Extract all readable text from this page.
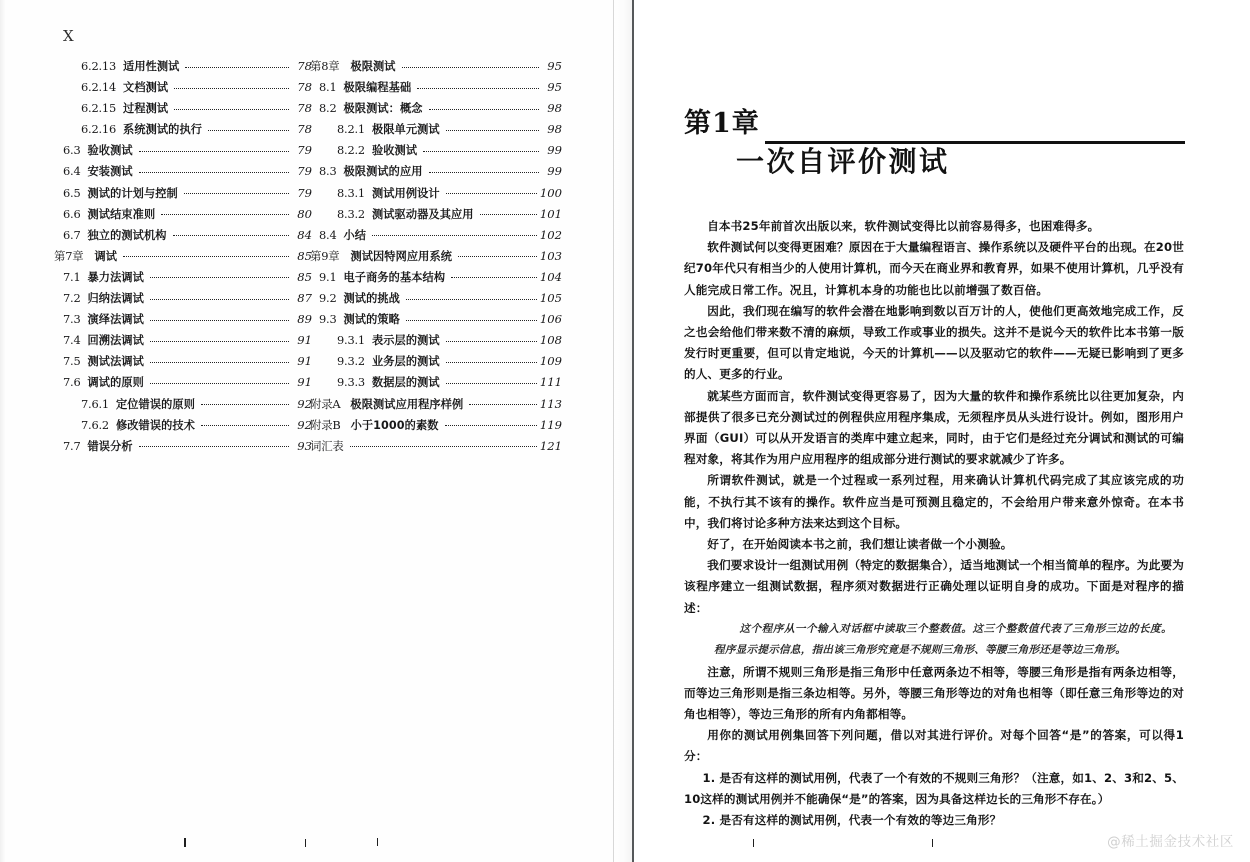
X
6.2.13 适用性测试	78
6.2.14 文档测试	78
6.2.15 过程测试	78
6.2.16 系统测试的执行	78
6.3 验收测试	79
6.4 安装测试	79
6.5 测试的计划与控制	79
6.6 测试结束准则	80
6.7 独立的测试机构	84
第7章 调试	85
7.1 暴力法调试	85
7.2 归纳法调试	87
7.3 演绎法调试	89
7.4 回溯法调试	91
7.5 测试法调试	91
7.6 调试的原则	91
7.6.1 定位错误的原则	92
7.6.2 修改错误的技术	92
7.7 错误分析	93
第8章 极限测试	95
8.1 极限编程基础	95
8.2 极限测试：概念	98
8.2.1 极限单元测试	98
8.2.2 验收测试	99
8.3 极限测试的应用	99
8.3.1 测试用例设计	100
8.3.2 测试驱动器及其应用	101
8.4 小结	102
第9章 测试因特网应用系统	103
9.1 电子商务的基本结构	104
9.2 测试的挑战	105
9.3 测试的策略	106
9.3.1 表示层的测试	108
9.3.2 业务层的测试	109
9.3.3 数据层的测试	111
附录A 极限测试应用程序样例	113
附录B 小于1000的素数	119
词汇表	121
第1章
一次自评价测试

自本书25年前首次出版以来，软件测试变得比以前容易得多，也困难得多。

软件测试何以变得更困难？原因在于大量编程语言、操作系统以及硬件平台的出现。在20世纪70年代只有相当少的人使用计算机，而今天在商业界和教育界，如果不使用计算机，几乎没有人能完成日常工作。况且，计算机本身的功能也比以前增强了数百倍。

因此，我们现在编写的软件会潜在地影响到数以百万计的人，使他们更高效地完成工作，反之也会给他们带来数不清的麻烦，导致工作或事业的损失。这并不是说今天的软件比本书第一版发行时更重要，但可以肯定地说，今天的计算机——以及驱动它的软件——无疑已影响到了更多的人、更多的行业。

就某些方面而言，软件测试变得更容易了，因为大量的软件和操作系统比以往更加复杂，内部提供了很多已充分测试过的例程供应用程序集成，无须程序员从头进行设计。例如，图形用户界面（GUI）可以从开发语言的类库中建立起来，同时，由于它们是经过充分调试和测试的可编程对象，将其作为用户应用程序的组成部分进行测试的要求就减少了许多。

所谓软件测试，就是一个过程或一系列过程，用来确认计算机代码完成了其应该完成的功能，不执行其不该有的操作。软件应当是可预测且稳定的，不会给用户带来意外惊奇。在本书中，我们将讨论多种方法来达到这个目标。

好了，在开始阅读本书之前，我们想让读者做一个小测验。

我们要求设计一组测试用例（特定的数据集合），适当地测试一个相当简单的程序。为此要为该程序建立一组测试数据，程序须对数据进行正确处理以证明自身的成功。下面是对程序的描述：

这个程序从一个输入对话框中读取三个整数值。这三个整数值代表了三角形三边的长度。程序显示提示信息，指出该三角形究竟是不规则三角形、等腰三角形还是等边三角形。

注意，所谓不规则三角形是指三角形中任意两条边不相等，等腰三角形是指有两条边相等，而等边三角形则是指三条边相等。另外，等腰三角形等边的对角也相等（即任意三角形等边的对角也相等），等边三角形的所有内角都相等。

用你的测试用例集回答下列问题，借以对其进行评价。对每个回答“是”的答案，可以得1分：

1. 是否有这样的测试用例，代表了一个有效的不规则三角形？（注意，如1、2、3和2、5、10这样的测试用例并不能确保“是”的答案，因为具备这样边长的三角形不存在。）

2. 是否有这样的测试用例，代表一个有效的等边三角形？

@稀土掘金技术社区
